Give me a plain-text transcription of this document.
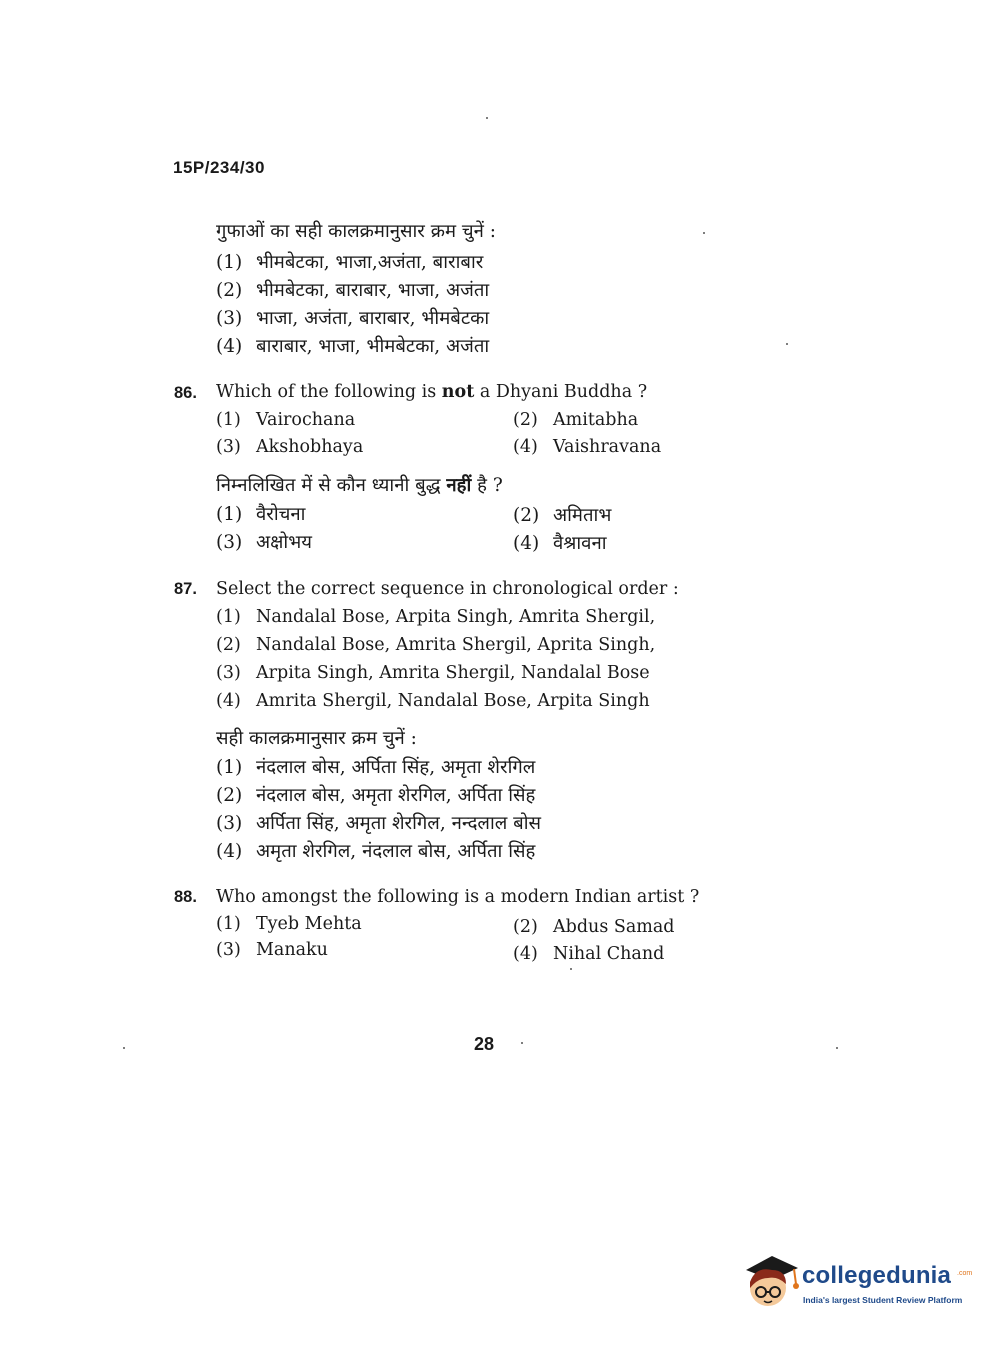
15P/234/30
गुफाओं का सही कालक्रमानुसार क्रम चुनें :
(1) भीमबेटका, भाजा,अजंता, बाराबार
(2) भीमबेटका, बाराबार, भाजा, अजंता
(3) भाजा, अजंता, बाराबार, भीमबेटका
(4) बाराबार, भाजा, भीमबेटका, अजंता
86. Which of the following is not a Dhyani Buddha ?
(1) Vairochana	(2) Amitabha
(3) Akshobhaya	(4) Vaishravana
निम्नलिखित में से कौन ध्यानी बुद्ध नहीं है ?
(1) वैरोचना	(2) अमिताभ
(3) अक्षोभय	(4) वैश्रावना
87. Select the correct sequence in chronological order :
(1) Nandalal Bose, Arpita Singh, Amrita Shergil,
(2) Nandalal Bose, Amrita Shergil, Aprita Singh,
(3) Arpita Singh, Amrita Shergil, Nandalal Bose
(4) Amrita Shergil, Nandalal Bose, Arpita Singh
सही कालक्रमानुसार क्रम चुनें :
(1) नंदलाल बोस, अर्पिता सिंह, अमृता शेरगिल
(2) नंदलाल बोस, अमृता शेरगिल, अर्पिता सिंह
(3) अर्पिता सिंह, अमृता शेरगिल, नन्दलाल बोस
(4) अमृता शेरगिल, नंदलाल बोस, अर्पिता सिंह
88. Who amongst the following is a modern Indian artist ?
(1) Tyeb Mehta	(2) Abdus Samad
(3) Manaku	(4) Nihal Chand
28
collegedunia .com
India's largest Student Review Platform
